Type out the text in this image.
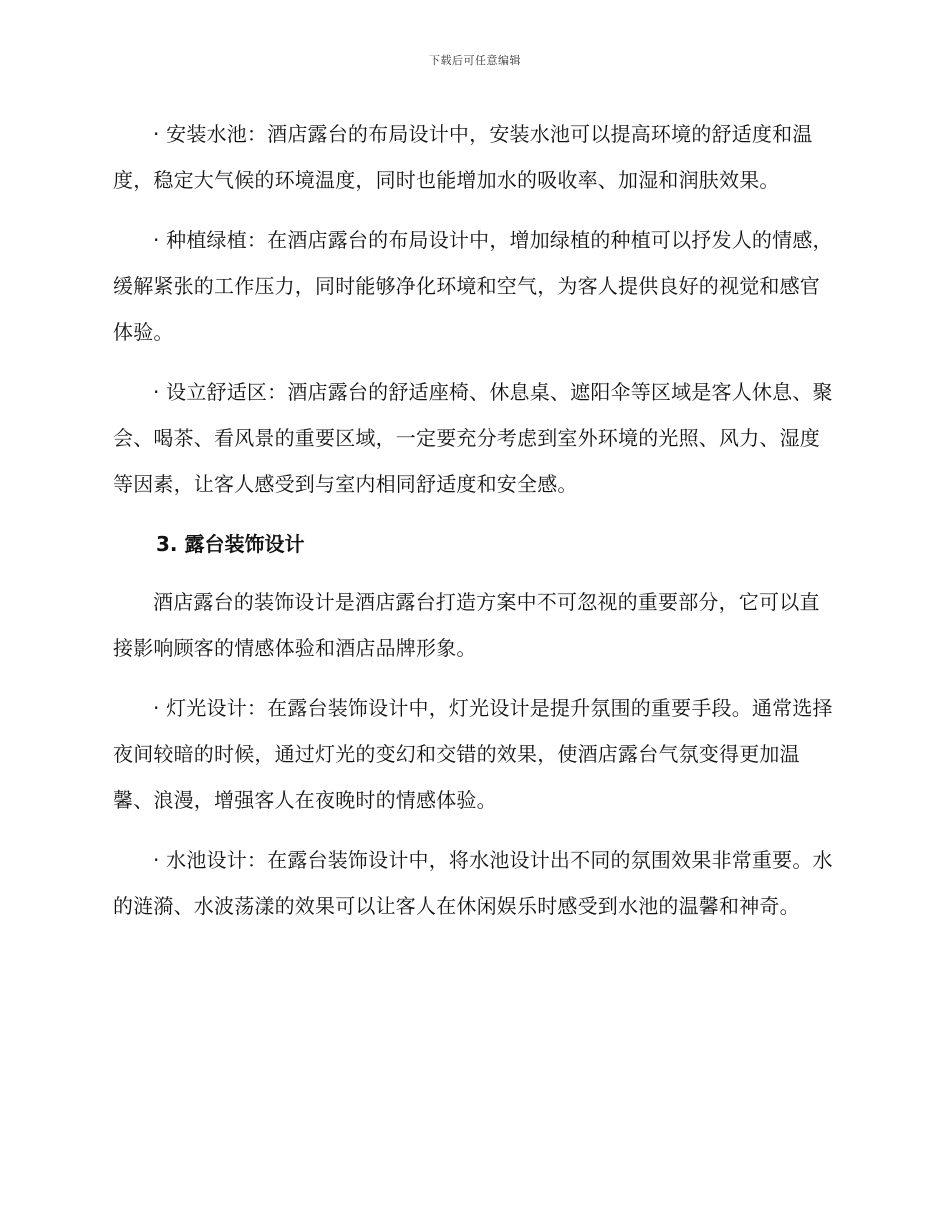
下载后可任意编辑

· 安装水池：酒店露台的布局设计中，安装水池可以提高环境的舒适度和温度，稳定大气候的环境温度，同时也能增加水的吸收率、加湿和润肤效果。

· 种植绿植：在酒店露台的布局设计中，增加绿植的种植可以抒发人的情感，缓解紧张的工作压力，同时能够净化环境和空气，为客人提供良好的视觉和感官体验。

· 设立舒适区：酒店露台的舒适座椅、休息桌、遮阳伞等区域是客人休息、聚会、喝茶、看风景的重要区域，一定要充分考虑到室外环境的光照、风力、湿度等因素，让客人感受到与室内相同舒适度和安全感。

3. 露台装饰设计

酒店露台的装饰设计是酒店露台打造方案中不可忽视的重要部分，它可以直接影响顾客的情感体验和酒店品牌形象。

· 灯光设计：在露台装饰设计中，灯光设计是提升氛围的重要手段。通常选择夜间较暗的时候，通过灯光的变幻和交错的效果，使酒店露台气氛变得更加温馨、浪漫，增强客人在夜晚时的情感体验。

· 水池设计：在露台装饰设计中，将水池设计出不同的氛围效果非常重要。水的涟漪、水波荡漾的效果可以让客人在休闲娱乐时感受到水池的温馨和神奇。
